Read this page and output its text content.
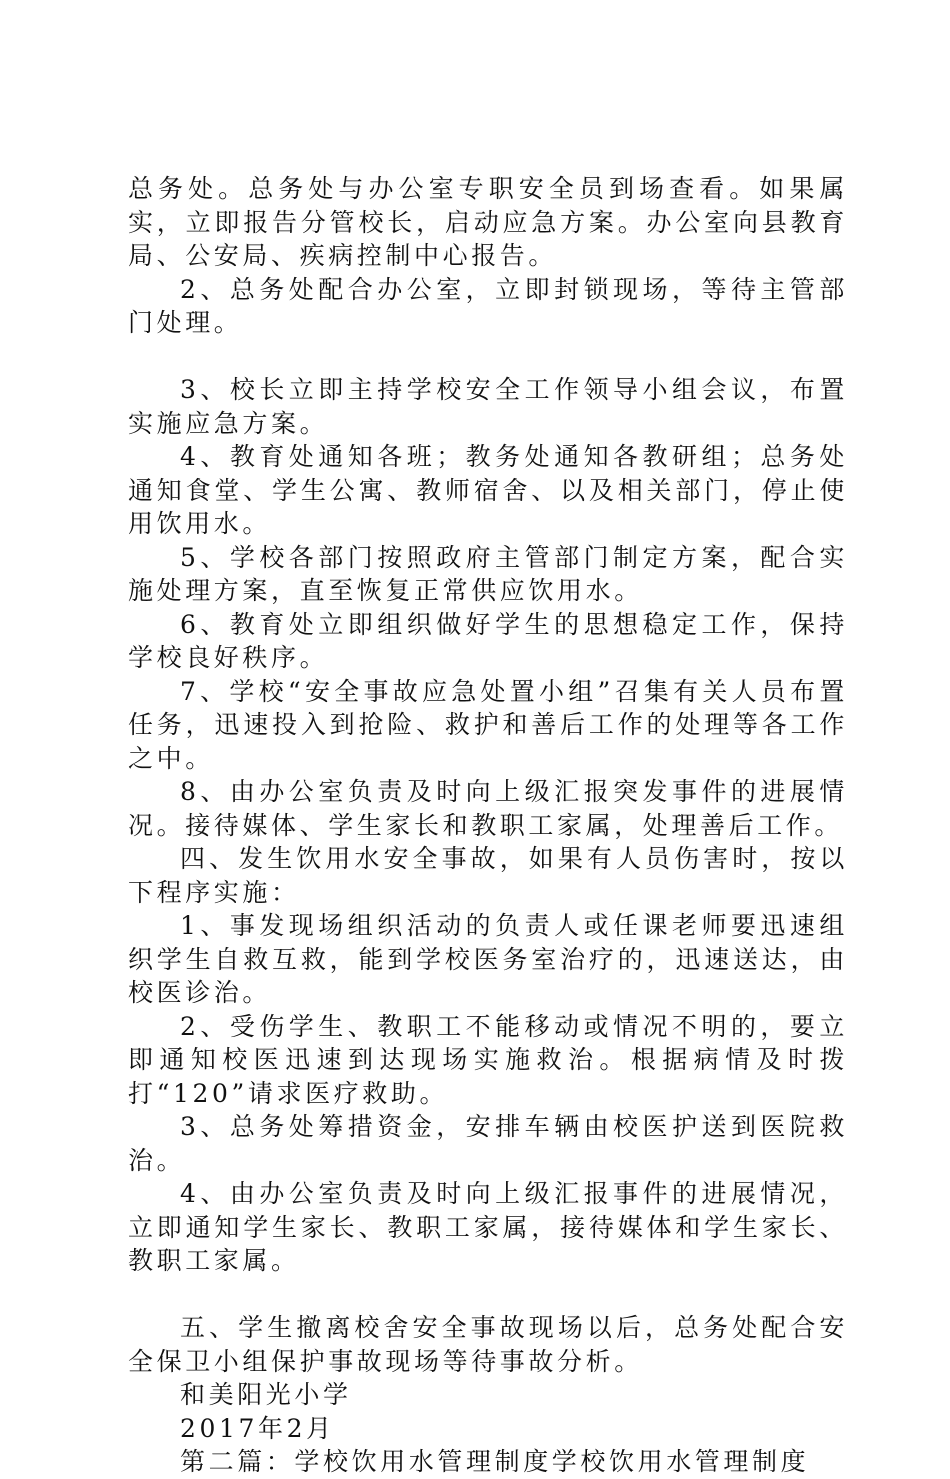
总务处。总务处与办公室专职安全员到场查看。如果属实，立即报告分管校长，启动应急方案。办公室向县教育局、公安局、疾病控制中心报告。

2、总务处配合办公室，立即封锁现场，等待主管部门处理。

3、校长立即主持学校安全工作领导小组会议，布置实施应急方案。

4、教育处通知各班；教务处通知各教研组；总务处通知食堂、学生公寓、教师宿舍、以及相关部门，停止使用饮用水。

5、学校各部门按照政府主管部门制定方案，配合实施处理方案，直至恢复正常供应饮用水。

6、教育处立即组织做好学生的思想稳定工作，保持学校良好秩序。

7、学校“安全事故应急处置小组”召集有关人员布置任务，迅速投入到抢险、救护和善后工作的处理等各工作之中。

8、由办公室负责及时向上级汇报突发事件的进展情况。接待媒体、学生家长和教职工家属，处理善后工作。

四、发生饮用水安全事故，如果有人员伤害时，按以下程序实施：

1、事发现场组织活动的负责人或任课老师要迅速组织学生自救互救，能到学校医务室治疗的，迅速送达，由校医诊治。

2、受伤学生、教职工不能移动或情况不明的，要立即通知校医迅速到达现场实施救治。根据病情及时拨打“120”请求医疗救助。

3、总务处筹措资金，安排车辆由校医护送到医院救治。

4、由办公室负责及时向上级汇报事件的进展情况，立即通知学生家长、教职工家属，接待媒体和学生家长、教职工家属。

五、学生撤离校舍安全事故现场以后，总务处配合安全保卫小组保护事故现场等待事故分析。

和美阳光小学

2017年2月

第二篇：学校饮用水管理制度学校饮用水管理制度
